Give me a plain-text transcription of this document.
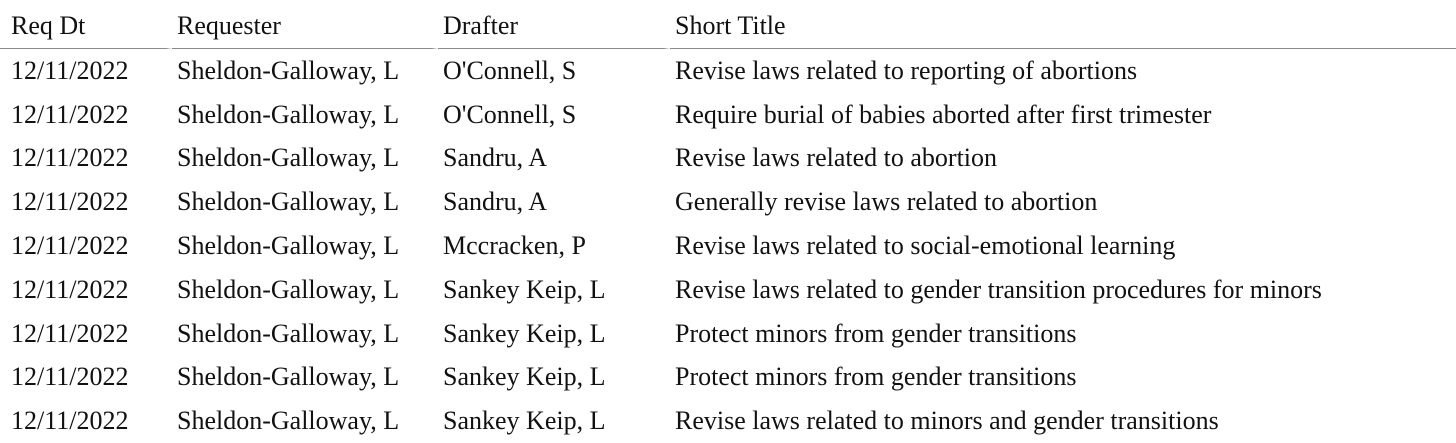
Req Dt	Requester	Drafter	Short Title
12/11/2022	Sheldon-Galloway, L	O'Connell, S	Revise laws related to reporting of abortions
12/11/2022	Sheldon-Galloway, L	O'Connell, S	Require burial of babies aborted after first trimester
12/11/2022	Sheldon-Galloway, L	Sandru, A	Revise laws related to abortion
12/11/2022	Sheldon-Galloway, L	Sandru, A	Generally revise laws related to abortion
12/11/2022	Sheldon-Galloway, L	Mccracken, P	Revise laws related to social-emotional learning
12/11/2022	Sheldon-Galloway, L	Sankey Keip, L	Revise laws related to gender transition procedures for minors
12/11/2022	Sheldon-Galloway, L	Sankey Keip, L	Protect minors from gender transitions
12/11/2022	Sheldon-Galloway, L	Sankey Keip, L	Protect minors from gender transitions
12/11/2022	Sheldon-Galloway, L	Sankey Keip, L	Revise laws related to minors and gender transitions
